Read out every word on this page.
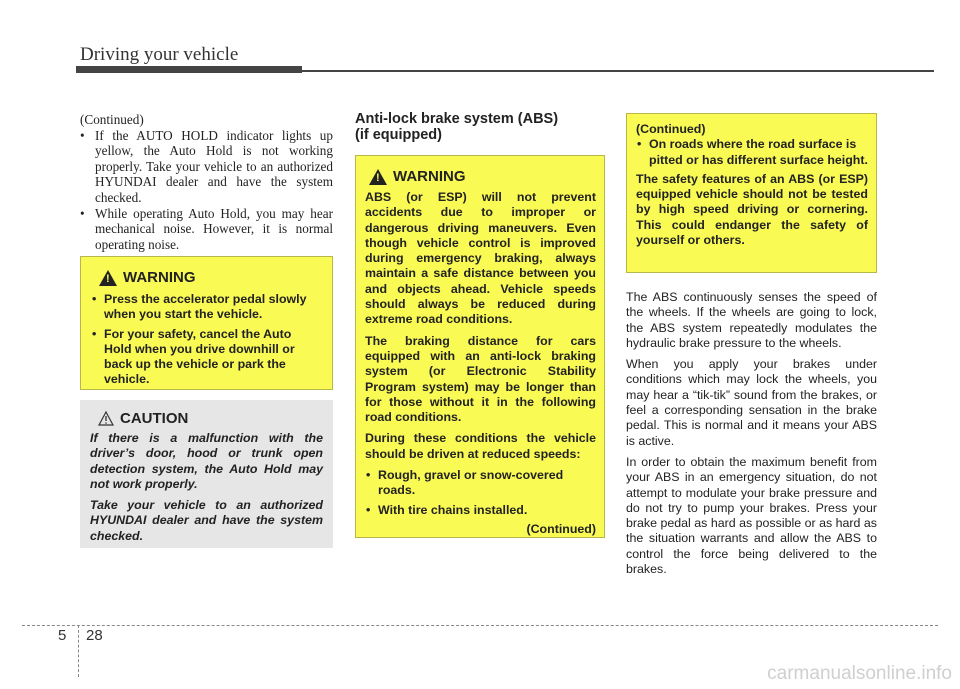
Driving your vehicle
(Continued)
• If the AUTO HOLD indicator lights up yellow, the Auto Hold is not working properly. Take your vehicle to an authorized HYUNDAI dealer and have the system checked.
• While operating Auto Hold, you may hear mechanical noise. However, it is normal operating noise.
!
WARNING
• Press the accelerator pedal slowly when you start the vehicle.
• For your safety, cancel the Auto Hold when you drive downhill or back up the vehicle or park the vehicle.
CAUTION

If there is a malfunction with the driver’s door, hood or trunk open detection system, the Auto Hold may not work properly.

Take your vehicle to an authorized HYUNDAI dealer and have the system checked.

Anti-lock brake system (ABS)
(if equipped)
!
WARNING

ABS (or ESP) will not prevent accidents due to improper or dangerous driving maneuvers. Even though vehicle control is improved during emergency braking, always maintain a safe distance between you and objects ahead. Vehicle speeds should always be reduced during extreme road conditions.

The braking distance for cars equipped with an anti-lock braking system (or Electronic Stability Program system) may be longer than for those without it in the following road conditions.

During these conditions the vehicle should be driven at reduced speeds:

• Rough, gravel or snow-covered roads.
• With tire chains installed.
(Continued)
(Continued)
• On roads where the road surface is pitted or has different surface height.

The safety features of an ABS (or ESP) equipped vehicle should not be tested by high speed driving or cornering. This could endanger the safety of yourself or others.

The ABS continuously senses the speed of the wheels. If the wheels are going to lock, the ABS system repeatedly modulates the hydraulic brake pressure to the wheels.

When you apply your brakes under conditions which may lock the wheels, you may hear a “tik-tik” sound from the brakes, or feel a corresponding sensation in the brake pedal. This is normal and it means your ABS is active.

In order to obtain the maximum benefit from your ABS in an emergency situation, do not attempt to modulate your brake pressure and do not try to pump your brakes. Press your brake pedal as hard as possible or as hard as the situation warrants and allow the ABS to control the force being delivered to the brakes.

5 28
carmanualsonline.info
